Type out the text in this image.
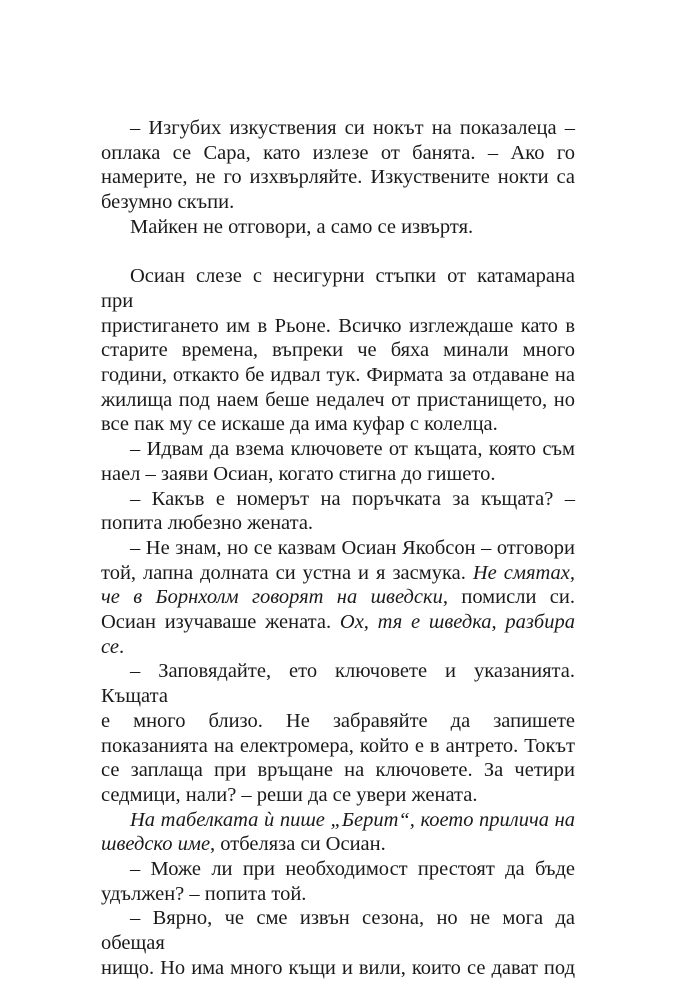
– Изгубих изкуствения си нокът на показалеца –

оплака се Сара, като излезе от банята. – Ако го

намерите, не го изхвърляйте. Изкуствените нокти са

безумно скъпи.

Майкен не отговори, а само се извъртя.

Осиан слезе с несигурни стъпки от катамарана при

пристигането им в Рьоне. Всичко изглеждаше като в

старите времена, въпреки че бяха минали много

години, откакто бе идвал тук. Фирмата за отдаване на

жилища под наем беше недалеч от пристанището, но

все пак му се искаше да има куфар с колелца.

– Идвам да взема ключовете от къщата, която съм

наел – заяви Осиан, когато стигна до гишето.

– Какъв е номерът на поръчката за къщата? –

попита любезно жената.

– Не знам, но се казвам Осиан Якобсон – отговори

той, лапна долната си устна и я засмука. Не смятах,

че в Борнхолм говорят на шведски, помисли си.

Осиан изучаваше жената. Ох, тя е шведка, разбира

се.

– Заповядайте, ето ключовете и указанията. Къщата

е много близо. Не забравяйте да запишете

показанията на електромера, който е в антрето. Токът

се заплаща при връщане на ключовете. За четири

седмици, нали? – реши да се увери жената.

На табелката ѝ пише „Берит“, което прилича на

шведско име, отбеляза си Осиан.

– Може ли при необходимост престоят да бъде

удължен? – попита той.

– Вярно, че сме извън сезона, но не мога да обещая

нищо. Но има много къщи и вили, които се дават под
